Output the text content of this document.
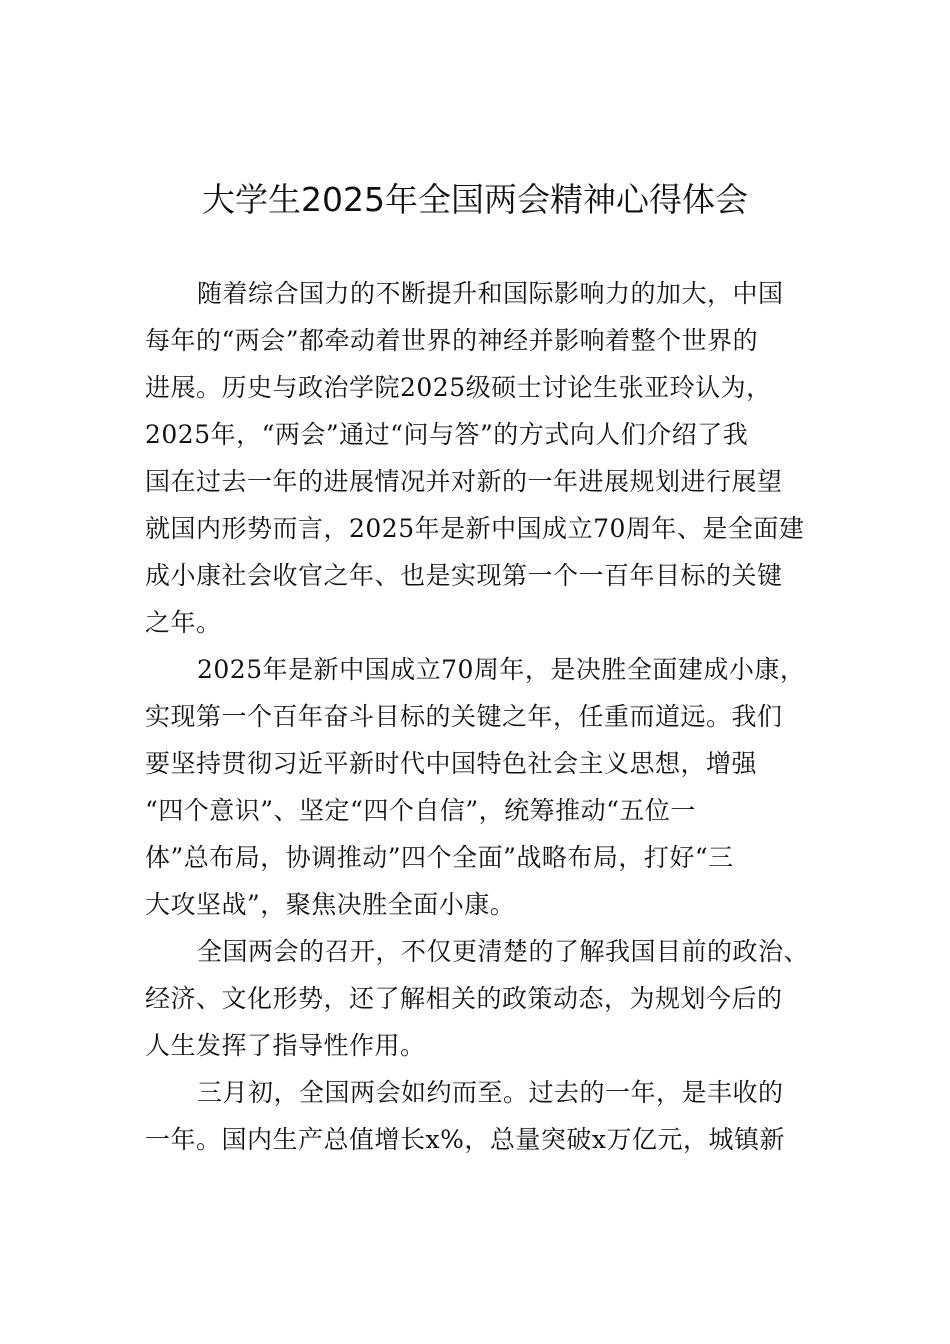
大学生2025年全国两会精神心得体会
随着综合国力的不断提升和国际影响力的加大，中国
每年的“两会”都牵动着世界的神经并影响着整个世界的
进展。历史与政治学院2025级硕士讨论生张亚玲认为，
2025年，“两会”通过“问与答”的方式向人们介绍了我
国在过去一年的进展情况并对新的一年进展规划进行展望
就国内形势而言，2025年是新中国成立70周年、是全面建
成小康社会收官之年、也是实现第一个一百年目标的关键
之年。
2025年是新中国成立70周年，是决胜全面建成小康，
实现第一个百年奋斗目标的关键之年，任重而道远。我们
要坚持贯彻习近平新时代中国特色社会主义思想，增强
“四个意识”、坚定“四个自信”，统筹推动“五位一
体”总布局，协调推动”四个全面”战略布局，打好“三
大攻坚战”，聚焦决胜全面小康。
全国两会的召开，不仅更清楚的了解我国目前的政治、
经济、文化形势，还了解相关的政策动态，为规划今后的
人生发挥了指导性作用。
三月初，全国两会如约而至。过去的一年，是丰收的
一年。国内生产总值增长x%，总量突破x万亿元，城镇新
